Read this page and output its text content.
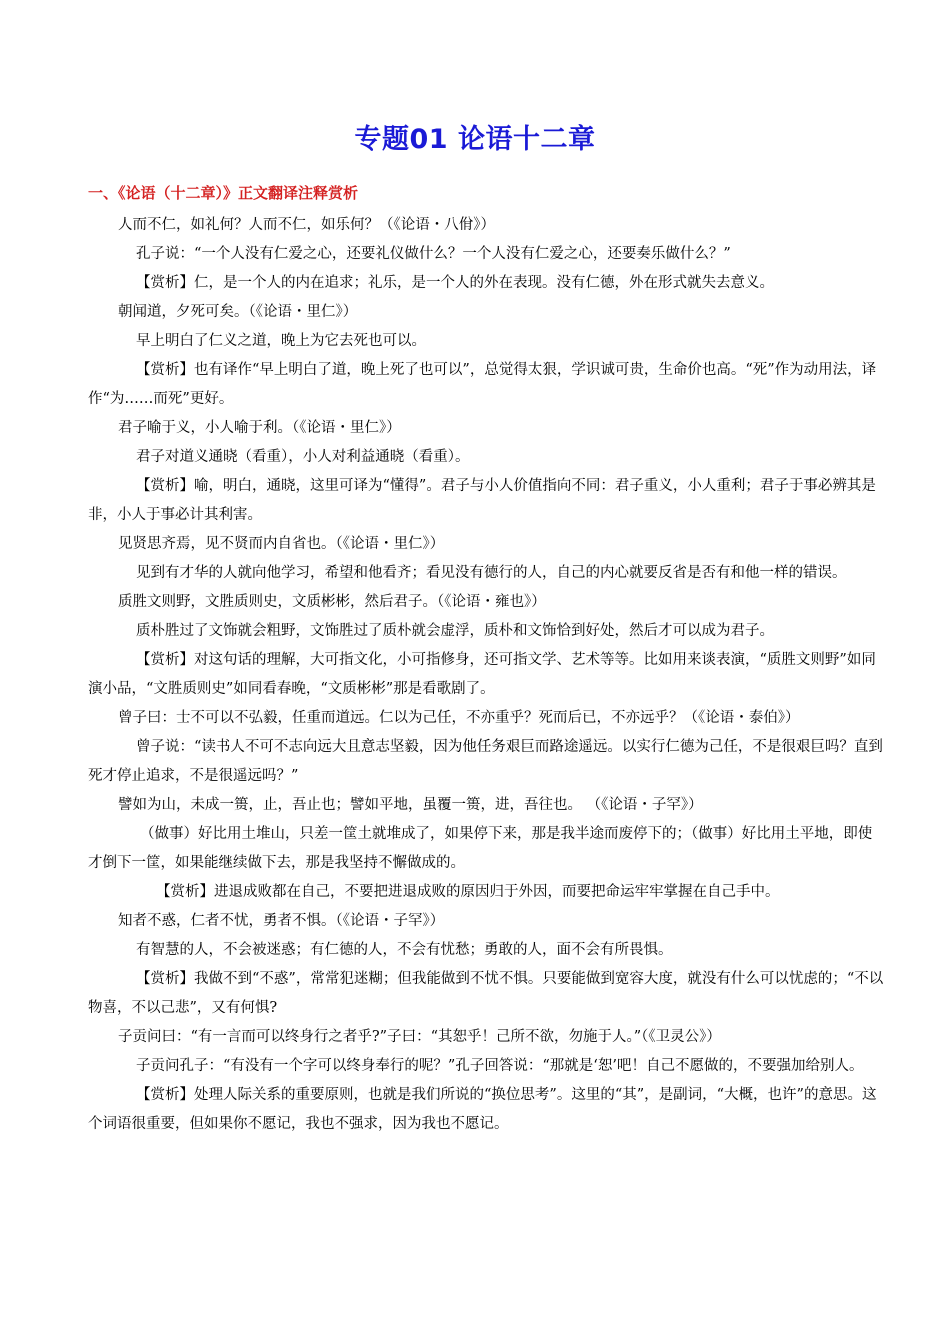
专题01 论语十二章
一、《论语（十二章）》正文翻译注释赏析

人而不仁，如礼何？人而不仁，如乐何？（《论语・八佾》）

孔子说：“一个人没有仁爱之心，还要礼仪做什么？一个人没有仁爱之心，还要奏乐做什么？”

【赏析】仁，是一个人的内在追求；礼乐，是一个人的外在表现。没有仁德，外在形式就失去意义。

朝闻道，夕死可矣。（《论语・里仁》）

早上明白了仁义之道，晚上为它去死也可以。

【赏析】也有译作“早上明白了道，晚上死了也可以”，总觉得太狠，学识诚可贵，生命价也高。“死”作为动用法，译作“为……而死”更好。

君子喻于义，小人喻于利。（《论语・里仁》）

君子对道义通晓（看重），小人对利益通晓（看重）。

【赏析】喻，明白，通晓，这里可译为“懂得”。君子与小人价值指向不同：君子重义，小人重利；君子于事必辨其是非，小人于事必计其利害。

见贤思齐焉，见不贤而内自省也。（《论语・里仁》）

见到有才华的人就向他学习，希望和他看齐；看见没有德行的人，自己的内心就要反省是否有和他一样的错误。

质胜文则野，文胜质则史，文质彬彬，然后君子。（《论语・雍也》）

质朴胜过了文饰就会粗野，文饰胜过了质朴就会虚浮，质朴和文饰恰到好处，然后才可以成为君子。

【赏析】对这句话的理解，大可指文化，小可指修身，还可指文学、艺术等等。比如用来谈表演，“质胜文则野”如同演小品，“文胜质则史”如同看春晚，“文质彬彬”那是看歌剧了。

曾子曰：士不可以不弘毅，任重而道远。仁以为己任，不亦重乎？死而后已，不亦远乎？（《论语・泰伯》）

曾子说：“读书人不可不志向远大且意志坚毅，因为他任务艰巨而路途遥远。以实行仁德为己任，不是很艰巨吗？直到死才停止追求，不是很遥远吗？”

譬如为山，未成一篑，止，吾止也；譬如平地，虽覆一篑，进，吾往也。 （《论语・子罕》）

（做事）好比用土堆山，只差一筐土就堆成了，如果停下来，那是我半途而废停下的；（做事）好比用土平地，即使才倒下一筐，如果能继续做下去，那是我坚持不懈做成的。

【赏析】进退成败都在自己，不要把进退成败的原因归于外因，而要把命运牢牢掌握在自己手中。

知者不惑，仁者不忧，勇者不惧。（《论语・子罕》）

有智慧的人，不会被迷惑；有仁德的人，不会有忧愁；勇敢的人，面不会有所畏惧。

【赏析】我做不到“不惑”，常常犯迷糊；但我能做到不忧不惧。只要能做到宽容大度，就没有什么可以忧虑的；“不以物喜，不以己悲”，又有何惧?

子贡问曰：“有一言而可以终身行之者乎?”子曰：“其恕乎！己所不欲，勿施于人。”（《卫灵公》）

子贡问孔子：“有没有一个字可以终身奉行的呢？”孔子回答说：“那就是‘恕’吧！自己不愿做的，不要强加给别人。

【赏析】处理人际关系的重要原则，也就是我们所说的“换位思考”。这里的“其”，是副词，“大概，也许”的意思。这个词语很重要，但如果你不愿记，我也不强求，因为我也不愿记。
